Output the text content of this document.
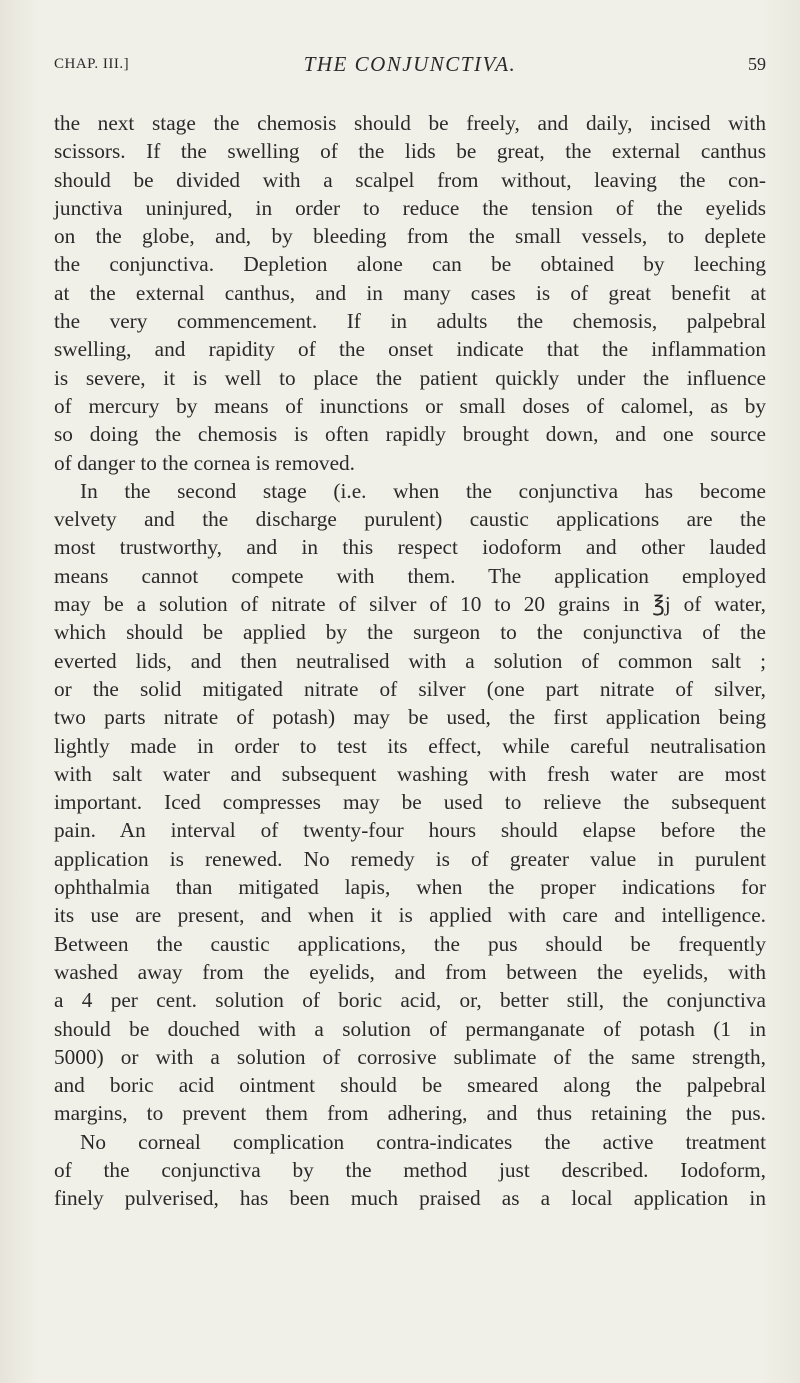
CHAP. III.]	THE CONJUNCTIVA.	59
the next stage the chemosis should be freely, and daily, incised with
scissors. If the swelling of the lids be great, the external canthus
should be divided with a scalpel from without, leaving the con-
junctiva uninjured, in order to reduce the tension of the eyelids
on the globe, and, by bleeding from the small vessels, to deplete
the conjunctiva. Depletion alone can be obtained by leeching
at the external canthus, and in many cases is of great benefit at
the very commencement. If in adults the chemosis, palpebral
swelling, and rapidity of the onset indicate that the inflammation
is severe, it is well to place the patient quickly under the influence
of mercury by means of inunctions or small doses of calomel, as by
so doing the chemosis is often rapidly brought down, and one source
of danger to the cornea is removed.
In the second stage (i.e. when the conjunctiva has become
velvety and the discharge purulent) caustic applications are the
most trustworthy, and in this respect iodoform and other lauded
means cannot compete with them. The application employed
may be a solution of nitrate of silver of 10 to 20 grains in ℥j of water,
which should be applied by the surgeon to the conjunctiva of the
everted lids, and then neutralised with a solution of common salt ;
or the solid mitigated nitrate of silver (one part nitrate of silver,
two parts nitrate of potash) may be used, the first application being
lightly made in order to test its effect, while careful neutralisation
with salt water and subsequent washing with fresh water are most
important. Iced compresses may be used to relieve the subsequent
pain. An interval of twenty-four hours should elapse before the
application is renewed. No remedy is of greater value in purulent
ophthalmia than mitigated lapis, when the proper indications for
its use are present, and when it is applied with care and intelligence.
Between the caustic applications, the pus should be frequently
washed away from the eyelids, and from between the eyelids, with
a 4 per cent. solution of boric acid, or, better still, the conjunctiva
should be douched with a solution of permanganate of potash (1 in
5000) or with a solution of corrosive sublimate of the same strength,
and boric acid ointment should be smeared along the palpebral
margins, to prevent them from adhering, and thus retaining the pus.
No corneal complication contra-indicates the active treatment
of the conjunctiva by the method just described. Iodoform,
finely pulverised, has been much praised as a local application in
